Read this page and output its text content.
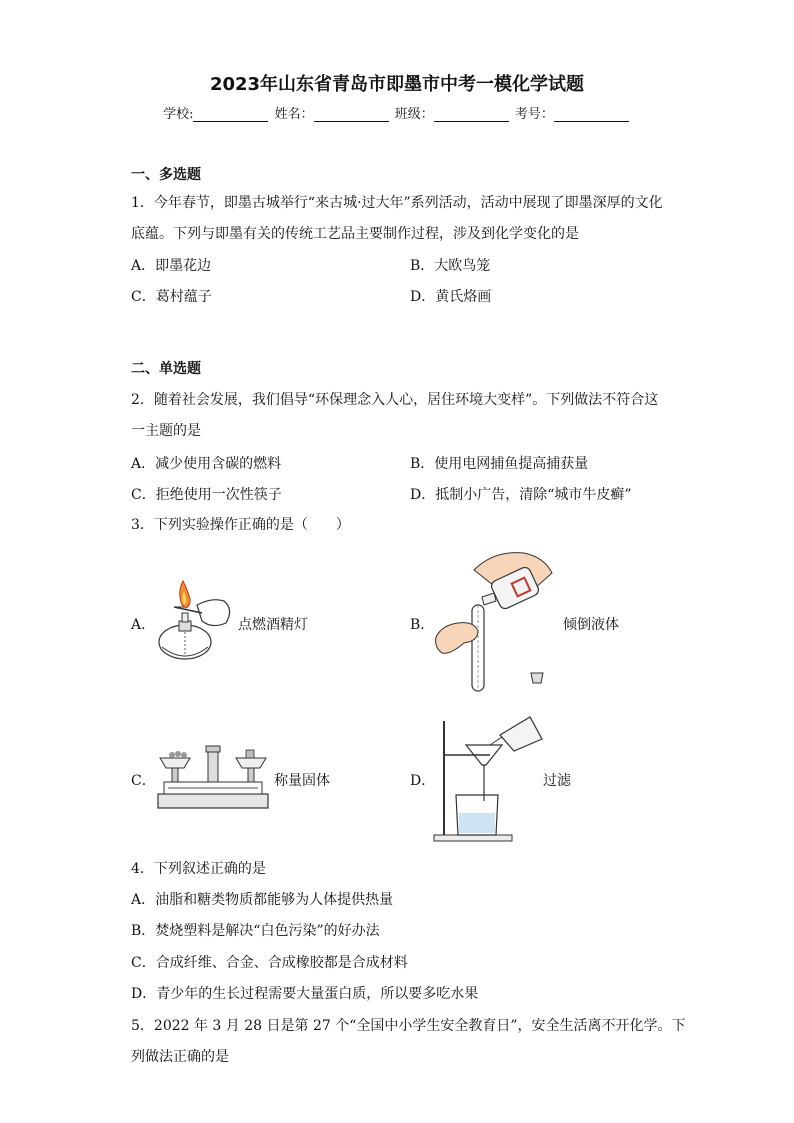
2023年山东省青岛市即墨市中考一模化学试题
学校:	姓名：	班级：	考号：
一、多选题
1．今年春节，即墨古城举行“来古城·过大年”系列活动，活动中展现了即墨深厚的文化
底蕴。下列与即墨有关的传统工艺品主要制作过程，涉及到化学变化的是
A．即墨花边	B．大欧鸟笼
C．葛村蕴子	D．黄氏烙画
二、单选题
2．随着社会发展，我们倡导“环保理念入人心，居住环境大变样”。下列做法不符合这
一主题的是
A．减少使用含碳的燃料	B．使用电网捕鱼提高捕获量
C．拒绝使用一次性筷子	D．抵制小广告，清除“城市牛皮癣”
3．下列实验操作正确的是（　　）
A．	点燃酒精灯	B．	倾倒液体
C．	称量固体	D．	过滤
4．下列叙述正确的是
A．油脂和糖类物质都能够为人体提供热量
B．焚烧塑料是解决“白色污染”的好办法
C．合成纤维、合金、合成橡胶都是合成材料
D．青少年的生长过程需要大量蛋白质，所以要多吃水果
5．2022 年 3 月 28 日是第 27 个“全国中小学生安全教育日”，安全生活离不开化学。下
列做法正确的是
